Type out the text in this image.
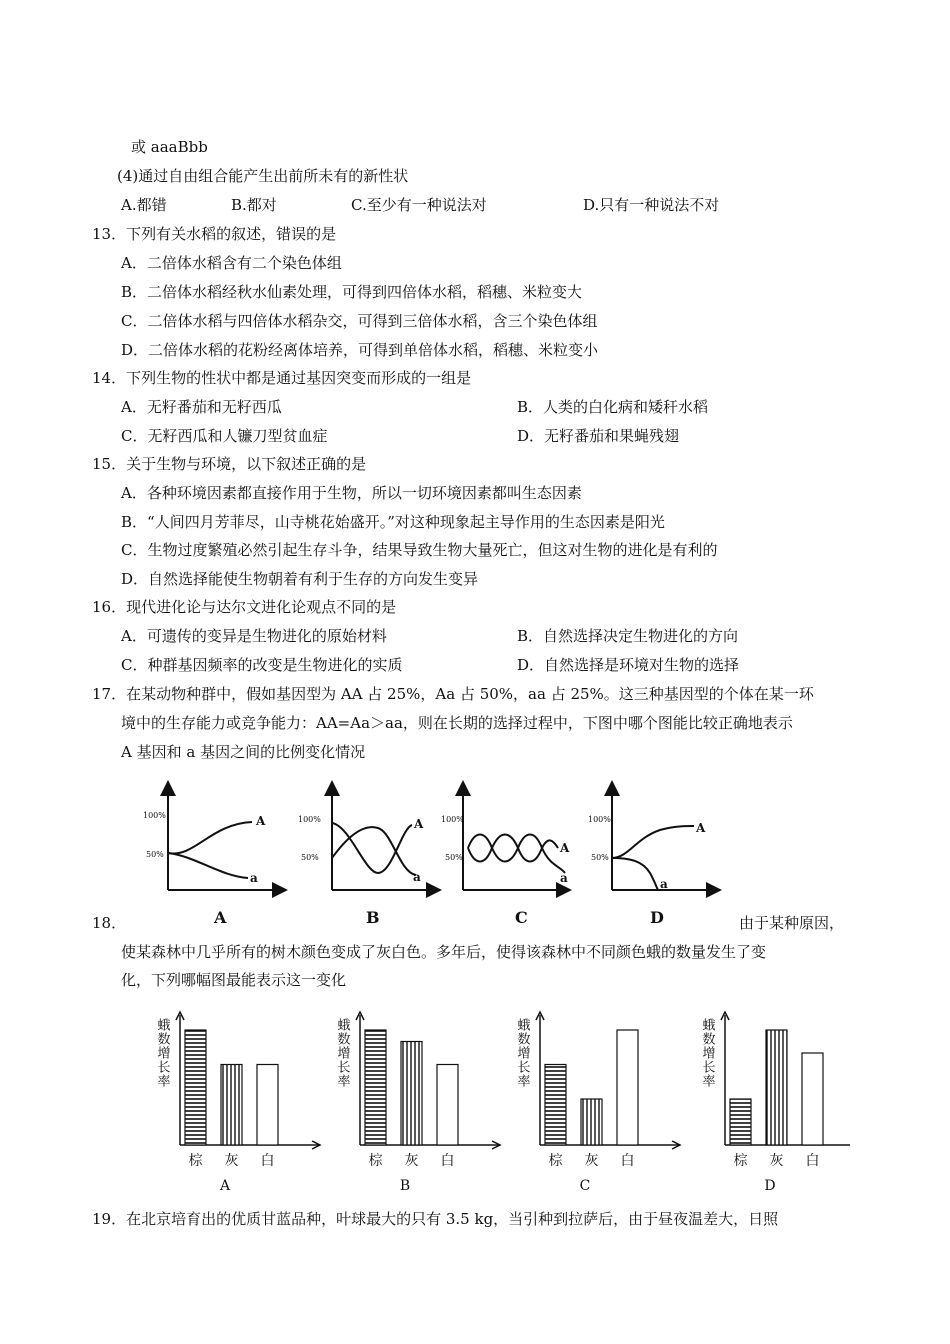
或 aaaBbb
(4)通过自由组合能产生出前所未有的新性状
A.都错	B.都对	C.至少有一种说法对	D.只有一种说法不对
13．下列有关水稻的叙述，错误的是
A．二倍体水稻含有二个染色体组
B．二倍体水稻经秋水仙素处理，可得到四倍体水稻，稻穗、米粒变大
C．二倍体水稻与四倍体水稻杂交，可得到三倍体水稻，含三个染色体组
D．二倍体水稻的花粉经离体培养，可得到单倍体水稻，稻穗、米粒变小
14．下列生物的性状中都是通过基因突变而形成的一组是
A．无籽番茄和无籽西瓜	B．人类的白化病和矮秆水稻
C．无籽西瓜和人镰刀型贫血症	D．无籽番茄和果蝇残翅
15．关于生物与环境，以下叙述正确的是
A．各种环境因素都直接作用于生物，所以一切环境因素都叫生态因素
B．“人间四月芳菲尽，山寺桃花始盛开。”对这种现象起主导作用的生态因素是阳光
C．生物过度繁殖必然引起生存斗争，结果导致生物大量死亡，但这对生物的进化是有利的
D．自然选择能使生物朝着有利于生存的方向发生变异
16．现代进化论与达尔文进化论观点不同的是
A．可遗传的变异是生物进化的原始材料	B．自然选择决定生物进化的方向
C．种群基因频率的改变是生物进化的实质	D．自然选择是环境对生物的选择
17．在某动物种群中，假如基因型为 AA 占 25%，Aa 占 50%，aa 占 25%。这三种基因型的个体在某一环
境中的生存能力或竞争能力：AA=Aa＞aa，则在长期的选择过程中，下图中哪个图能比较正确地表示
A 基因和 a 基因之间的比例变化情况
18．	由于某种原因，
使某森林中几乎所有的树木颜色变成了灰白色。多年后，使得该森林中不同颜色蛾的数量发生了变
化，下列哪幅图最能表示这一变化
19．在北京培育出的优质甘蓝品种，叶球最大的只有 3.5 kg，当引种到拉萨后，由于昼夜温差大，日照
100%
50%
100%
50%
100%
50%
100%
50%
A
a
A
a
A
a
A
a
A	B	C	D
蛾数增长率
棕 灰 白
A
蛾数增长率
棕 灰 白
B
蛾数增长率
棕 灰 白
C
蛾数增长率
棕 灰 白
D
